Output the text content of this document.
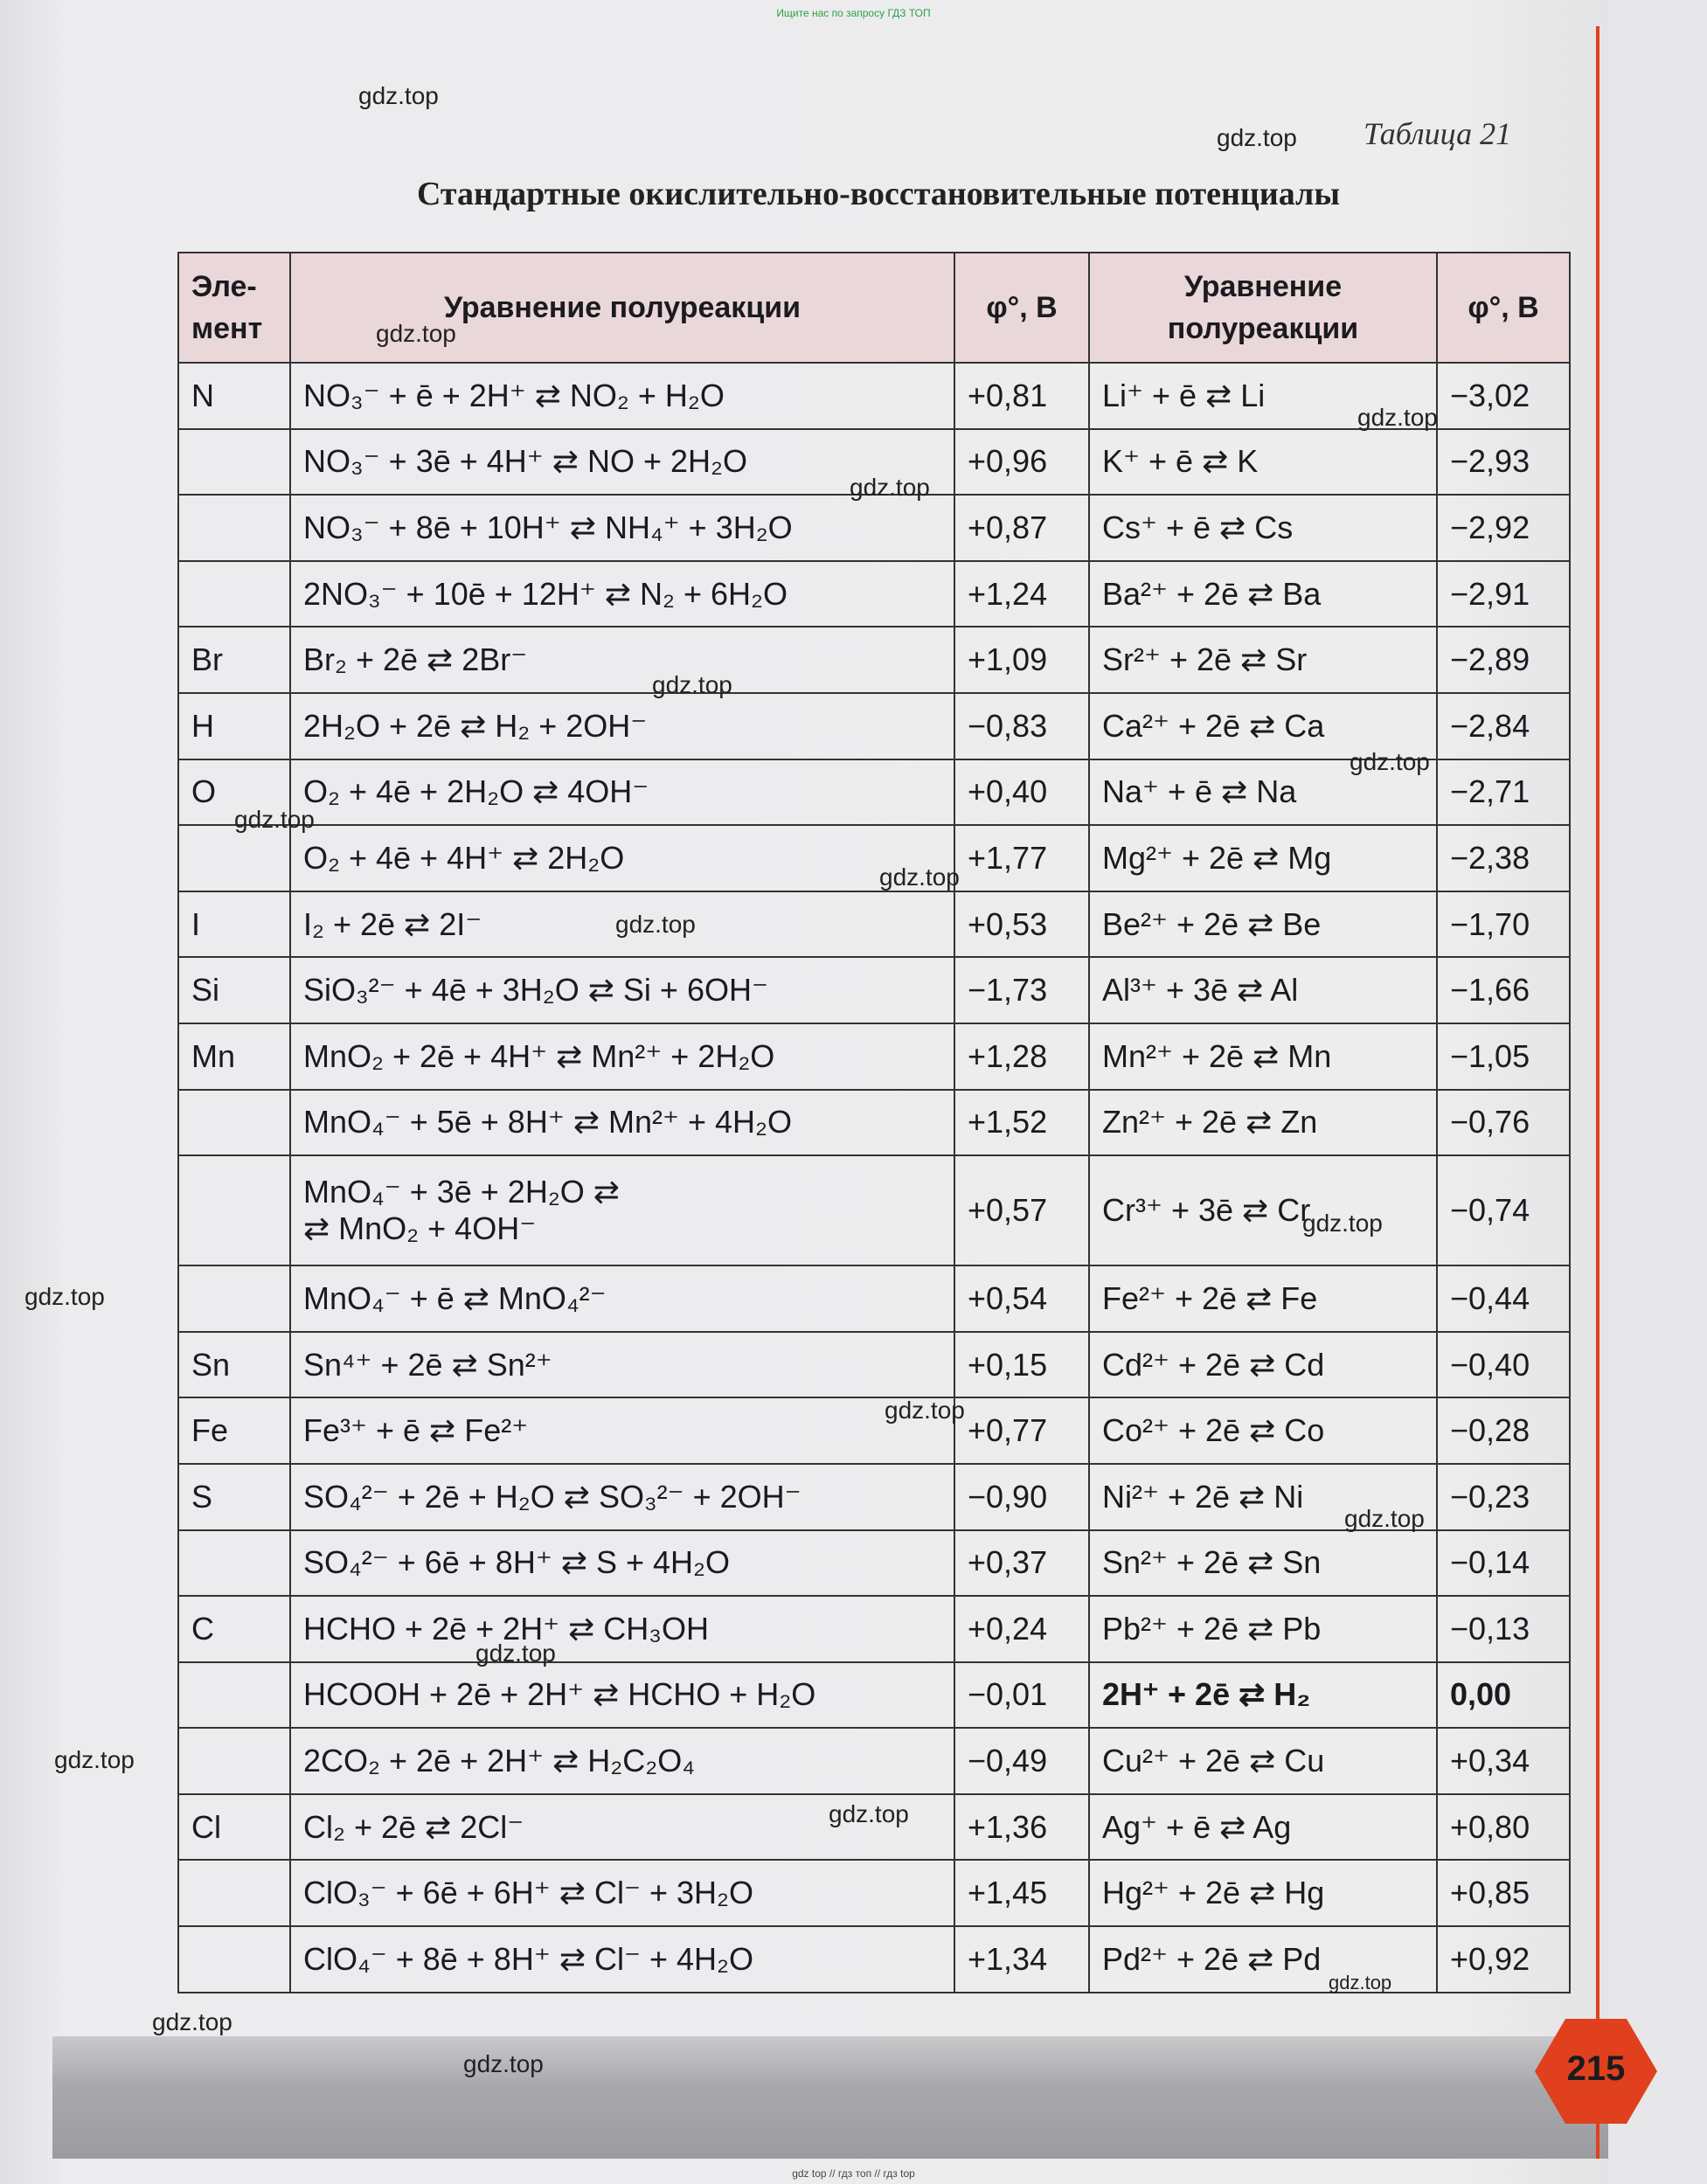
Ищите нас по запросу ГДЗ ТОП
Таблица 21
Стандартные окислительно-восстановительные потенциалы
Эле-мент	Уравнение полуреакции	φ°, В	Уравнение полуреакции	φ°, В
N	NO₃⁻ + ē + 2H⁺ ⇄ NO₂ + H₂O	+0,81	Li⁺ + ē ⇄ Li	−3,02
	NO₃⁻ + 3ē + 4H⁺ ⇄ NO + 2H₂O	+0,96	K⁺ + ē ⇄ K	−2,93
	NO₃⁻ + 8ē + 10H⁺ ⇄ NH₄⁺ + 3H₂O	+0,87	Cs⁺ + ē ⇄ Cs	−2,92
	2NO₃⁻ + 10ē + 12H⁺ ⇄ N₂ + 6H₂O	+1,24	Ba²⁺ + 2ē ⇄ Ba	−2,91
Br	Br₂ + 2ē ⇄ 2Br⁻	+1,09	Sr²⁺ + 2ē ⇄ Sr	−2,89
H	2H₂O + 2ē ⇄ H₂ + 2OH⁻	−0,83	Ca²⁺ + 2ē ⇄ Ca	−2,84
O	O₂ + 4ē + 2H₂O ⇄ 4OH⁻	+0,40	Na⁺ + ē ⇄ Na	−2,71
	O₂ + 4ē + 4H⁺ ⇄ 2H₂O	+1,77	Mg²⁺ + 2ē ⇄ Mg	−2,38
I	I₂ + 2ē ⇄ 2I⁻	+0,53	Be²⁺ + 2ē ⇄ Be	−1,70
Si	SiO₃²⁻ + 4ē + 3H₂O ⇄ Si + 6OH⁻	−1,73	Al³⁺ + 3ē ⇄ Al	−1,66
Mn	MnO₂ + 2ē + 4H⁺ ⇄ Mn²⁺ + 2H₂O	+1,28	Mn²⁺ + 2ē ⇄ Mn	−1,05
	MnO₄⁻ + 5ē + 8H⁺ ⇄ Mn²⁺ + 4H₂O	+1,52	Zn²⁺ + 2ē ⇄ Zn	−0,76

	MnO₄⁻ + 3ē + 2H₂O ⇄
⇄ MnO₂ + 4OH⁻	+0,57	Cr³⁺ + 3ē ⇄ Cr	−0,74
	MnO₄⁻ + ē ⇄ MnO₄²⁻	+0,54	Fe²⁺ + 2ē ⇄ Fe	−0,44
Sn	Sn⁴⁺ + 2ē ⇄ Sn²⁺	+0,15	Cd²⁺ + 2ē ⇄ Cd	−0,40
Fe	Fe³⁺ + ē ⇄ Fe²⁺	+0,77	Co²⁺ + 2ē ⇄ Co	−0,28
S	SO₄²⁻ + 2ē + H₂O ⇄ SO₃²⁻ + 2OH⁻	−0,90	Ni²⁺ + 2ē ⇄ Ni	−0,23
	SO₄²⁻ + 6ē + 8H⁺ ⇄ S + 4H₂O	+0,37	Sn²⁺ + 2ē ⇄ Sn	−0,14
C	HCHO + 2ē + 2H⁺ ⇄ CH₃OH	+0,24	Pb²⁺ + 2ē ⇄ Pb	−0,13
	HCOOH + 2ē + 2H⁺ ⇄ HCHO + H₂O	−0,01	2H⁺ + 2ē ⇄ H₂	0,00
	2CO₂ + 2ē + 2H⁺ ⇄ H₂C₂O₄	−0,49	Cu²⁺ + 2ē ⇄ Cu	+0,34
Cl	Cl₂ + 2ē ⇄ 2Cl⁻	+1,36	Ag⁺ + ē ⇄ Ag	+0,80
	ClO₃⁻ + 6ē + 6H⁺ ⇄ Cl⁻ + 3H₂O	+1,45	Hg²⁺ + 2ē ⇄ Hg	+0,85
	ClO₄⁻ + 8ē + 8H⁺ ⇄ Cl⁻ + 4H₂O	+1,34	Pd²⁺ + 2ē ⇄ Pd	+0,92
215
gdz.top
gdz.top
gdz.top
gdz.top
gdz.top
gdz.top
gdz.top
gdz.top
gdz.top
gdz.top
gdz.top
gdz.top
gdz.top
gdz.top
gdz.top
gdz.top
gdz.top
gdz.top
gdz.top
gdz.top
gdz top // гдз топ // гдз top
